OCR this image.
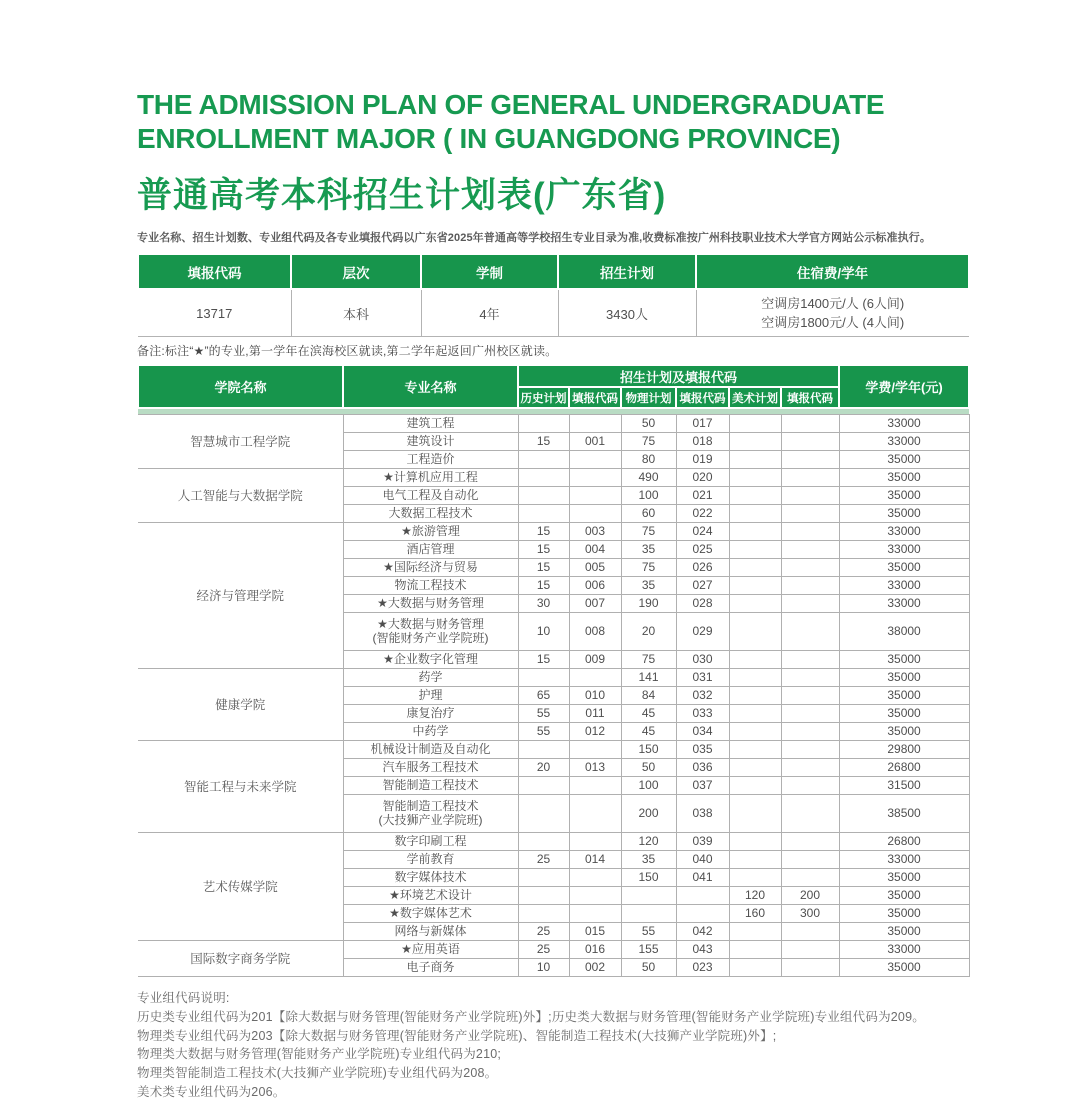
THE ADMISSION PLAN OF GENERAL UNDERGRADUATE
ENROLLMENT MAJOR ( IN GUANGDONG PROVINCE)
普通高考本科招生计划表(广东省)
专业名称、招生计划数、专业组代码及各专业填报代码以广东省2025年普通高等学校招生专业目录为准,收费标准按广州科技职业技术大学官方网站公示标准执行。
填报代码	层次	学制	招生计划	住宿费/学年
13717	本科	4年	3430人	空调房1400元/人 (6人间)
空调房1800元/人 (4人间)
备注:标注“★”的专业,第一学年在滨海校区就读,第二学年起返回广州校区就读。
学院名称	专业名称	招生计划及填报代码						学费/学年(元)
		历史计划	填报代码	物理计划	填报代码	美术计划	填报代码	

智慧城市工程学院	建筑工程			50	017			33000
	建筑设计	15	001	75	018			33000
	工程造价			80	019			35000
人工智能与大数据学院	★计算机应用工程			490	020			35000
	电气工程及自动化			100	021			35000
	大数据工程技术			60	022			35000
经济与管理学院	★旅游管理	15	003	75	024			33000
	酒店管理	15	004	35	025			33000
	★国际经济与贸易	15	005	75	026			35000
	物流工程技术	15	006	35	027			33000
	★大数据与财务管理	30	007	190	028			33000

	★大数据与财务管理
(智能财务产业学院班)	10	008	20	029			38000
	★企业数字化管理	15	009	75	030			35000
健康学院	药学			141	031			35000
	护理	65	010	84	032			35000
	康复治疗	55	011	45	033			35000
	中药学	55	012	45	034			35000
智能工程与未来学院	机械设计制造及自动化			150	035			29800
	汽车服务工程技术	20	013	50	036			26800
	智能制造工程技术			100	037			31500

	智能制造工程技术
(大技狮产业学院班)			200	038			38500
艺术传媒学院	数字印刷工程			120	039			26800
	学前教育	25	014	35	040			33000
	数字媒体技术			150	041			35000
	★环境艺术设计					120	200	35000
	★数字媒体艺术					160	300	35000
	网络与新媒体	25	015	55	042			35000
国际数字商务学院	★应用英语	25	016	155	043			33000
	电子商务	10	002	50	023			35000
专业组代码说明:
历史类专业组代码为201【除大数据与财务管理(智能财务产业学院班)外】;历史类大数据与财务管理(智能财务产业学院班)专业组代码为209。
物理类专业组代码为203【除大数据与财务管理(智能财务产业学院班)、智能制造工程技术(大技狮产业学院班)外】;
物理类大数据与财务管理(智能财务产业学院班)专业组代码为210;
物理类智能制造工程技术(大技狮产业学院班)专业组代码为208。
美术类专业组代码为206。
